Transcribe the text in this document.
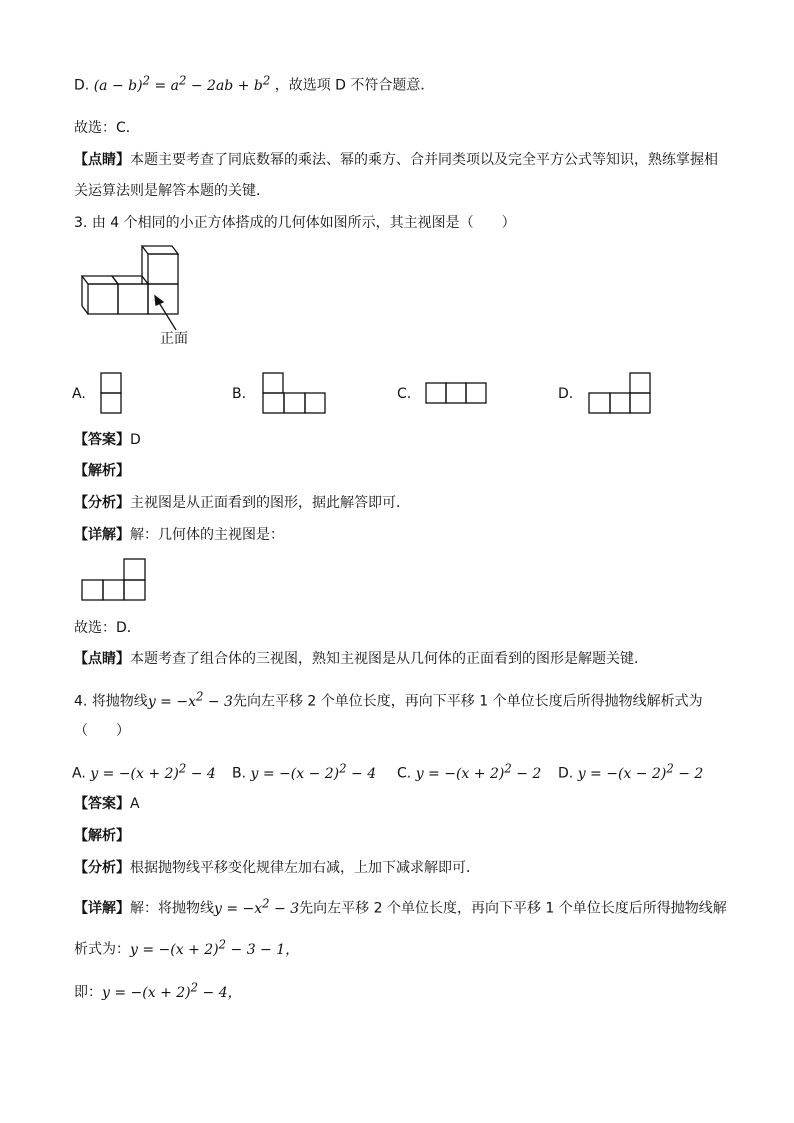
D. $(a - b)^2 = a^2 - 2ab + b^2$ ，故选项 D 不符合题意．
故选：C．
【点睛】本题主要考查了同底数幂的乘法、幂的乘方、合并同类项以及完全平方公式等知识，熟练掌握相
关运算法则是解答本题的关键．
3. 由 4 个相同的小正方体搭成的几何体如图所示，其主视图是（　　）
正面
A.	B.	C.	D.
【答案】D
【解析】
【分析】主视图是从正面看到的图形，据此解答即可．
【详解】解：几何体的主视图是：
故选：D．
【点睛】本题考查了组合体的三视图，熟知主视图是从几何体的正面看到的图形是解题关键．
4. 将抛物线$y = -x^2 - 3$先向左平移 2 个单位长度，再向下平移 1 个单位长度后所得抛物线解析式为
（　　）
A. $y = -(x + 2)^2 - 4$ B. $y = -(x - 2)^2 - 4$ C. $y = -(x + 2)^2 - 2$ D. $y = -(x - 2)^2 - 2$
【答案】A
【解析】
【分析】根据抛物线平移变化规律左加右减，上加下减求解即可．
【详解】解：将抛物线$y = -x^2 - 3$先向左平移 2 个单位长度，再向下平移 1 个单位长度后所得抛物线解
析式为：$y = -(x + 2)^2 - 3 - 1$，
即：$y = -(x + 2)^2 - 4$，
